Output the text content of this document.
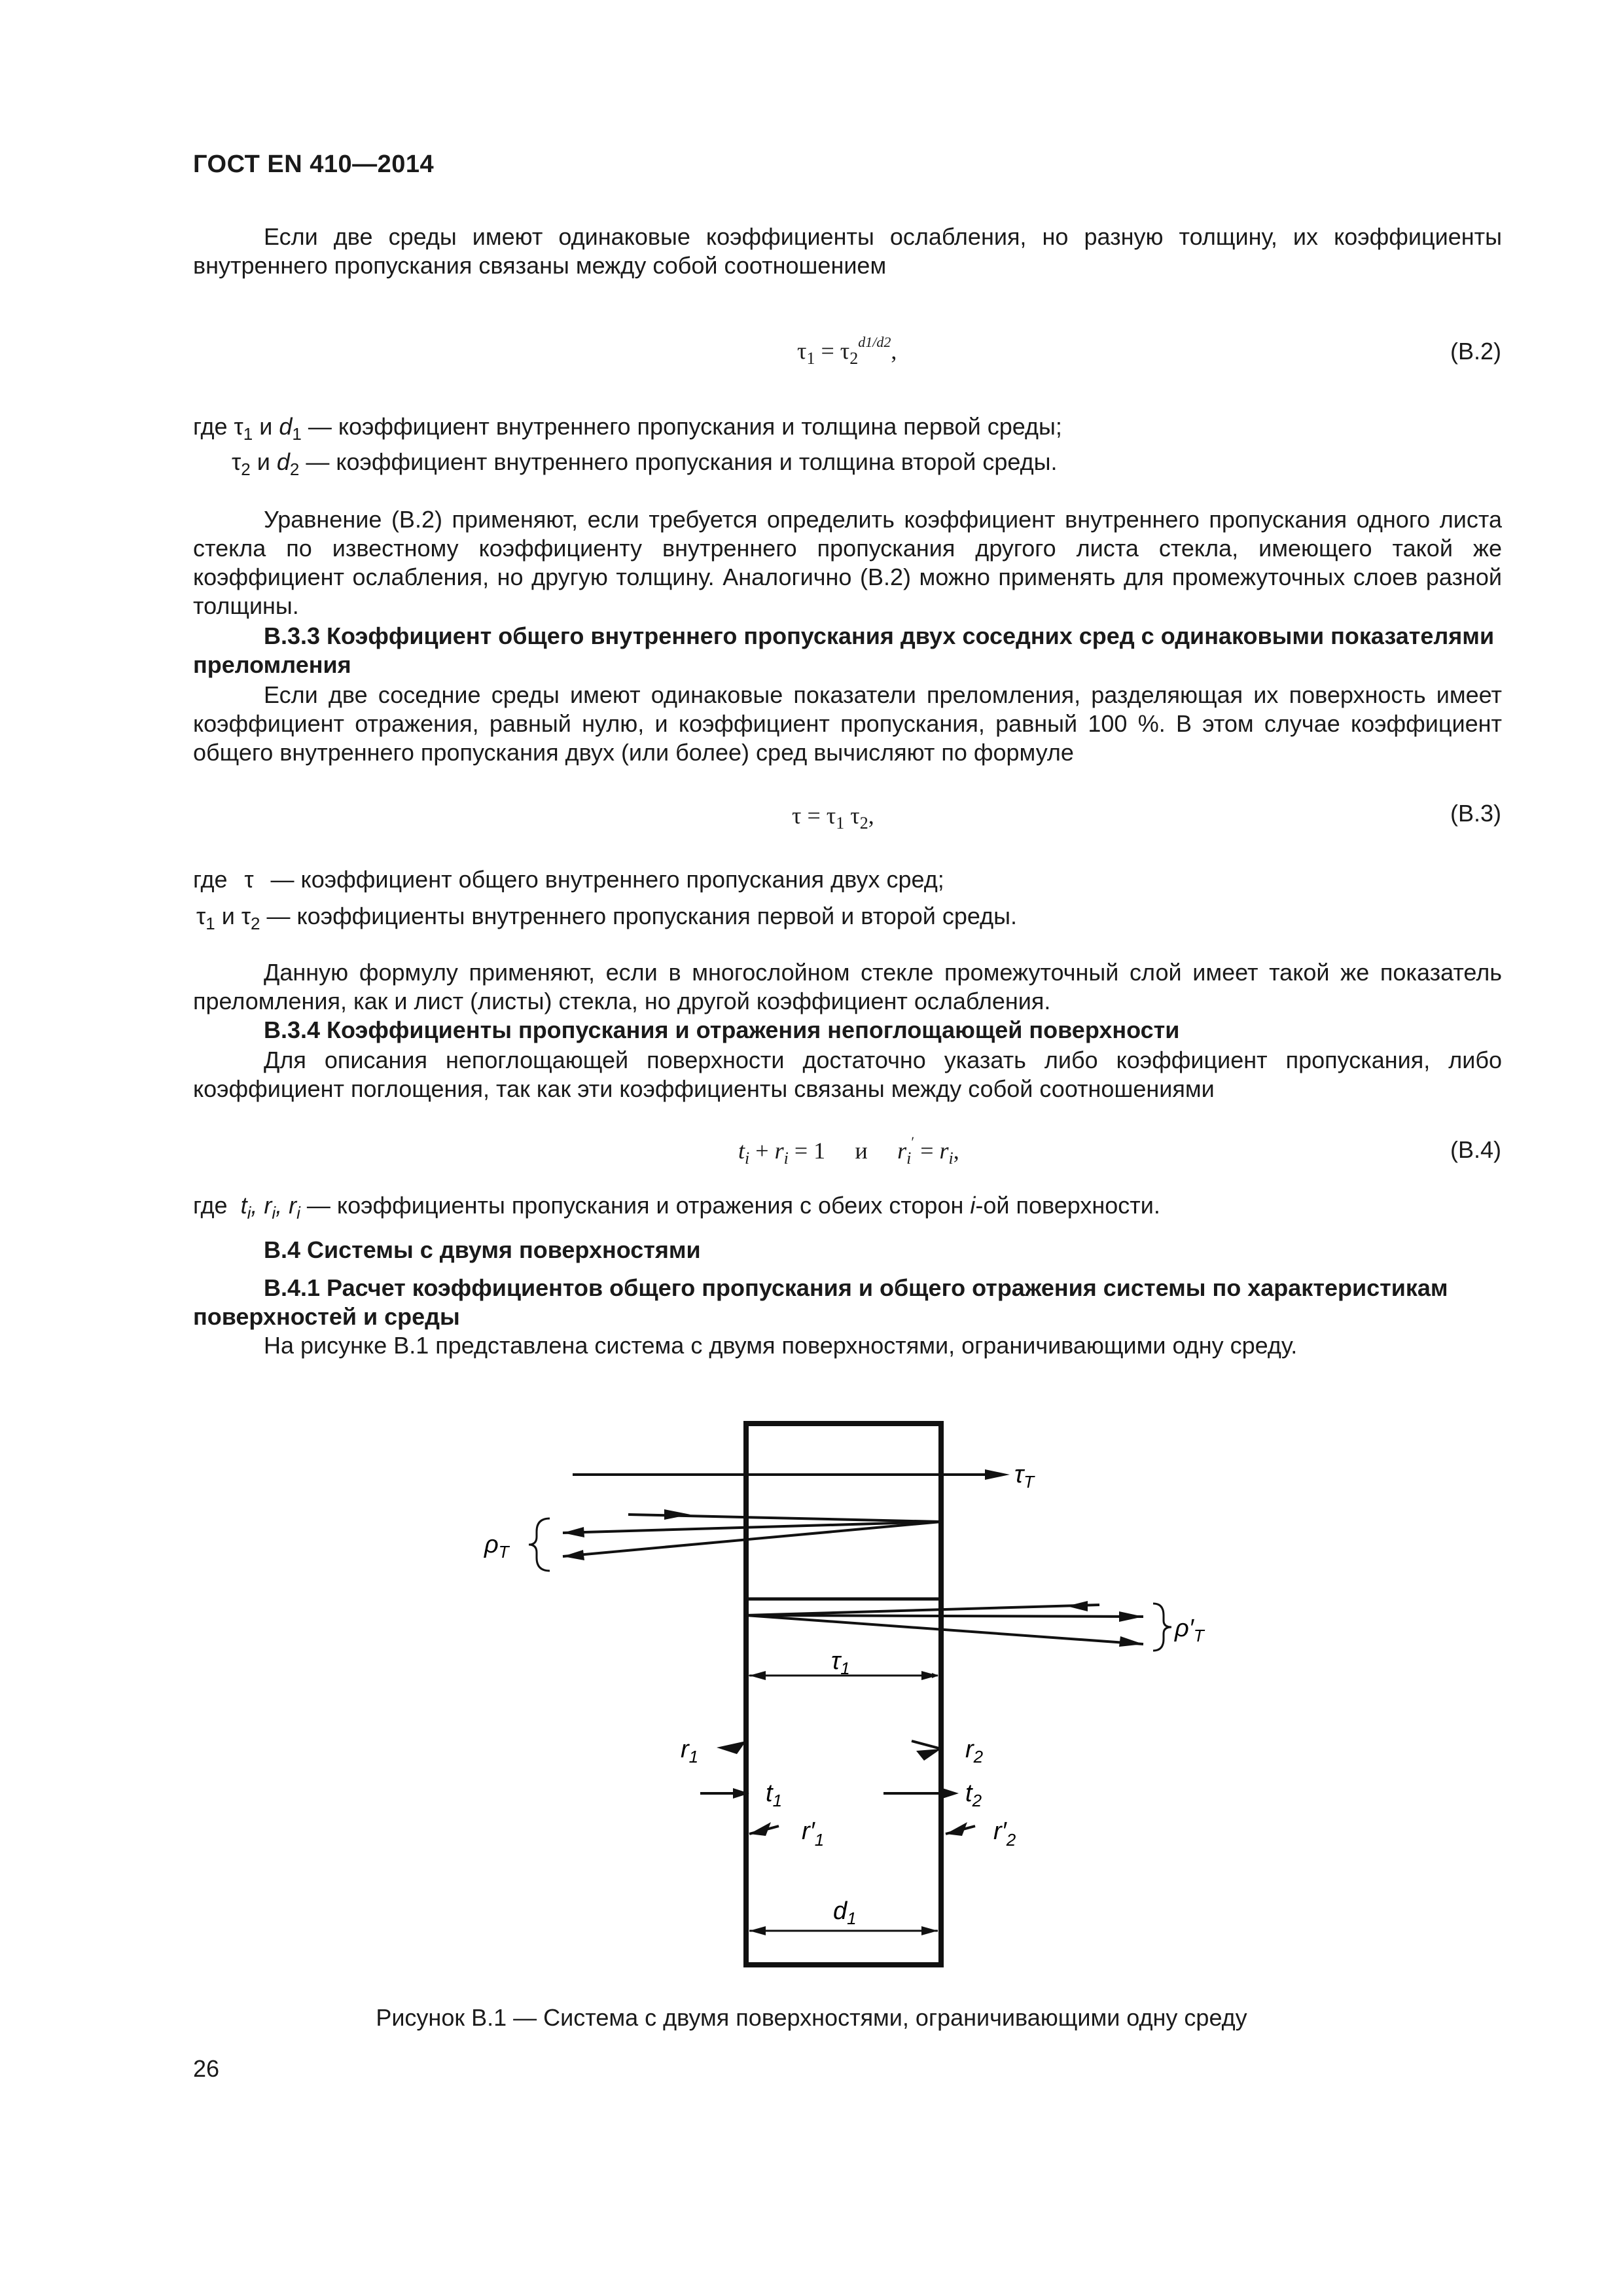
ГОСТ EN 410—2014
Если две среды имеют одинаковые коэффициенты ослабления, но разную толщину, их коэффициенты внутреннего пропускания связаны между собой соотношением
$\tau_1 = \tau_2^{d1/d2}$,	(В.2)
где $\tau_1$ и $d_1$ — коэффициент внутреннего пропускания и толщина первой среды;
$\tau_2$ и $d_2$ — коэффициент внутреннего пропускания и толщина второй среды.
Уравнение (В.2) применяют, если требуется определить коэффициент внутреннего пропускания одного листа стекла по известному коэффициенту внутреннего пропускания другого листа стекла, имеющего такой же коэффициент ослабления, но другую толщину. Аналогично (В.2) можно применять для промежуточных слоев разной толщины.
В.3.3 Коэффициент общего внутреннего пропускания двух соседних сред с одинаковыми показателями преломления
Если две соседние среды имеют одинаковые показатели преломления, разделяющая их поверхность имеет коэффициент отражения, равный нулю, и коэффициент пропускания, равный 100 %. В этом случае коэффициент общего внутреннего пропускания двух (или более) сред вычисляют по формуле
$\tau = \tau_1$ $\tau_2$,	(В.3)
где τ — коэффициент общего внутреннего пропускания двух сред;
$\tau_1$ и $\tau_2$ — коэффициенты внутреннего пропускания первой и второй среды.
Данную формулу применяют, если в многослойном стекле промежуточный слой имеет такой же показатель преломления, как и лист (листы) стекла, но другой коэффициент ослабления.
В.3.4 Коэффициенты пропускания и отражения непоглощающей поверхности
Для описания непоглощающей поверхности достаточно указать либо коэффициент пропускания, либо коэффициент поглощения, так как эти коэффициенты связаны между собой соотношениями
$t_i + r_i = 1$ и $r_i' = r_i$,	(В.4)
где $t_i$, $r_i$, $r_i$ — коэффициенты пропускания и отражения с обеих сторон i-ой поверхности.
В.4 Системы с двумя поверхностями
В.4.1 Расчет коэффициентов общего пропускания и общего отражения системы по характеристикам поверхностей и среды
На рисунке В.1 представлена система с двумя поверхностями, ограничивающими одну среду.
$\tau_T$
$\rho_T$
$\rho'_T$
$\tau_1$
$r_1$	$r_2$
$t_1$	$t_2$
$r'_1$	$r'_2$
$d_1$
Рисунок В.1 — Система с двумя поверхностями, ограничивающими одну среду
26
